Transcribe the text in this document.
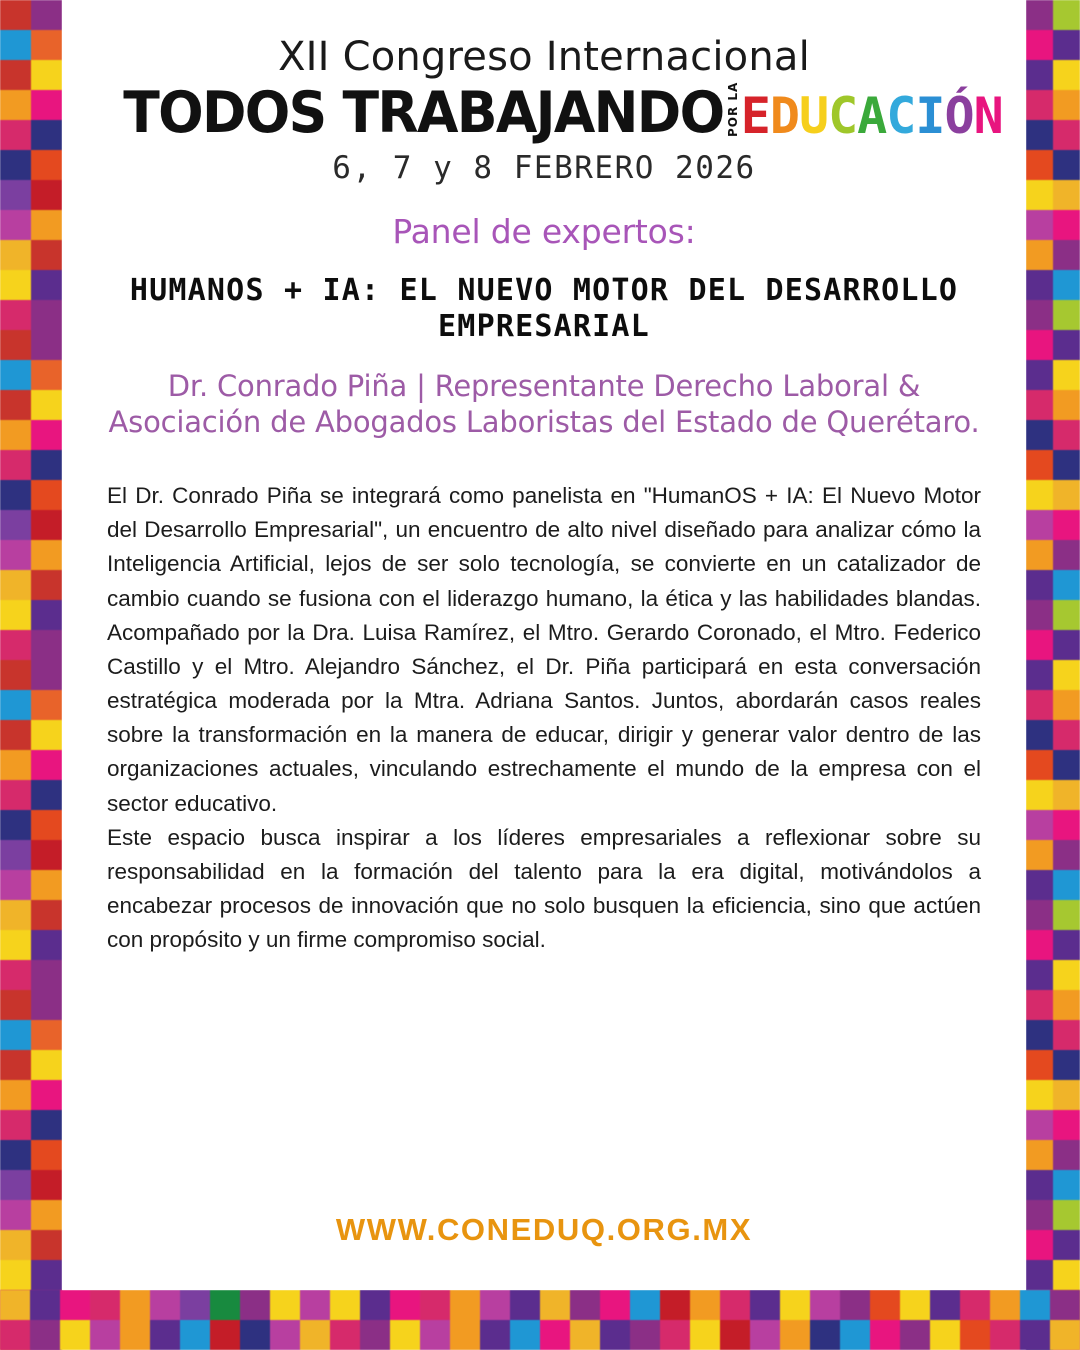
XII Congreso Internacional
TODOS TRABAJANDO POR LA EDUCACIÓN
6, 7 y 8 FEBRERO 2026
Panel de expertos:
HUMANOS + IA: EL NUEVO MOTOR DEL DESARROLLO EMPRESARIAL
Dr. Conrado Piña | Representante Derecho Laboral & Asociación de Abogados Laboristas del Estado de Querétaro.

El Dr. Conrado Piña se integrará como panelista en "HumanOS + IA: El Nuevo Motor del Desarrollo Empresarial", un encuentro de alto nivel diseñado para analizar cómo la Inteligencia Artificial, lejos de ser solo tecnología, se convierte en un catalizador de cambio cuando se fusiona con el liderazgo humano, la ética y las habilidades blandas. Acompañado por la Dra. Luisa Ramírez, el Mtro. Gerardo Coronado, el Mtro. Federico Castillo y el Mtro. Alejandro Sánchez, el Dr. Piña participará en esta conversación estratégica moderada por la Mtra. Adriana Santos. Juntos, abordarán casos reales sobre la transformación en la manera de educar, dirigir y generar valor dentro de las organizaciones actuales, vinculando estrechamente el mundo de la empresa con el sector educativo.

Este espacio busca inspirar a los líderes empresariales a reflexionar sobre su responsabilidad en la formación del talento para la era digital, motivándolos a encabezar procesos de innovación que no solo busquen la eficiencia, sino que actúen con propósito y un firme compromiso social.

WWW.CONEDUQ.ORG.MX
